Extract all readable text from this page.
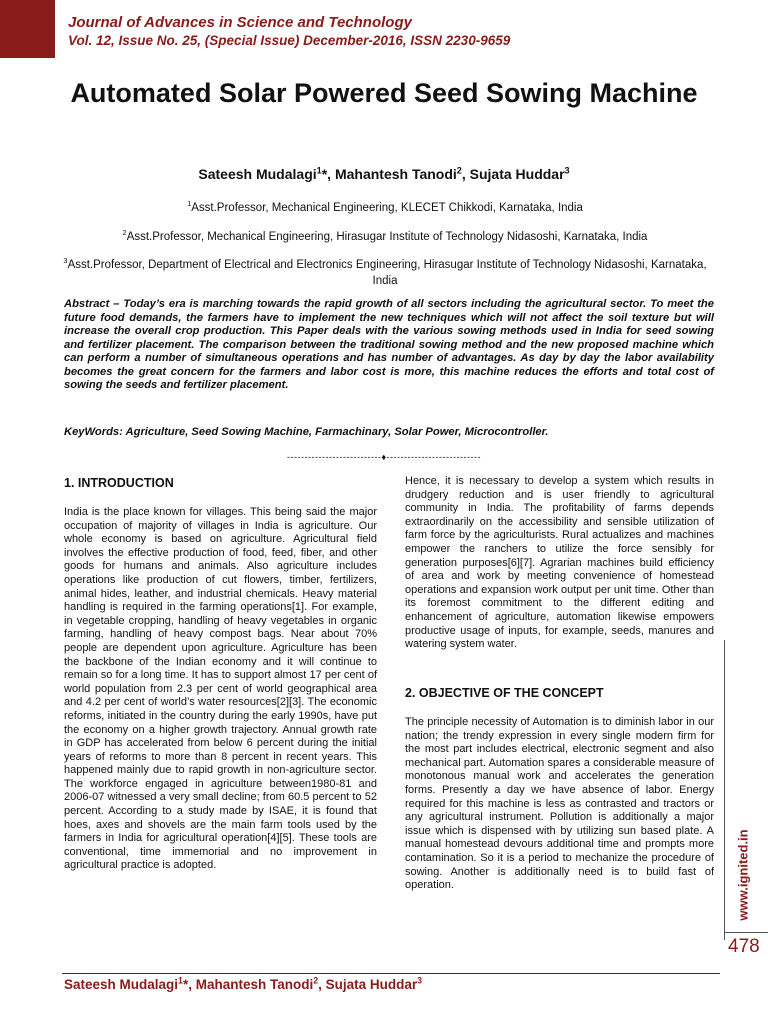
Journal of Advances in Science and Technology
Vol. 12, Issue No. 25, (Special Issue) December-2016, ISSN 2230-9659
Automated Solar Powered Seed Sowing Machine
Sateesh Mudalagi$^1$*, Mahantesh Tanodi$^2$, Sujata Huddar$^3$
$^1$Asst.Professor, Mechanical Engineering, KLECET Chikkodi, Karnataka, India
$^2$Asst.Professor, Mechanical Engineering, Hirasugar Institute of Technology Nidasoshi, Karnataka, India
$^3$Asst.Professor, Department of Electrical and Electronics Engineering, Hirasugar Institute of Technology Nidasoshi, Karnataka, India
Abstract – Today’s era is marching towards the rapid growth of all sectors including the agricultural sector. To meet the future food demands, the farmers have to implement the new techniques which will not affect the soil texture but will increase the overall crop production. This Paper deals with the various sowing methods used in India for seed sowing and fertilizer placement. The comparison between the traditional sowing method and the new proposed machine which can perform a number of simultaneous operations and has number of advantages. As day by day the labor availability becomes the great concern for the farmers and labor cost is more, this machine reduces the efforts and total cost of sowing the seeds and fertilizer placement.
KeyWords: Agriculture, Seed Sowing Machine, Farmachinary, Solar Power, Microcontroller.
---------------------------♦---------------------------
1. INTRODUCTION
India is the place known for villages. This being said the major occupation of majority of villages in India is agriculture. Our whole economy is based on agriculture. Agricultural field involves the effective production of food, feed, fiber, and other goods for humans and animals. Also agriculture includes operations like production of cut flowers, timber, fertilizers, animal hides, leather, and industrial chemicals. Heavy material handling is required in the farming operations[1]. For example, in vegetable cropping, handling of heavy vegetables in organic farming, handling of heavy compost bags. Near about 70% people are dependent upon agriculture. Agriculture has been the backbone of the Indian economy and it will continue to remain so for a long time. It has to support almost 17 per cent of world population from 2.3 per cent of world geographical area and 4.2 per cent of world’s water resources[2][3]. The economic reforms, initiated in the country during the early 1990s, have put the economy on a higher growth trajectory. Annual growth rate in GDP has accelerated from below 6 percent during the initial years of reforms to more than 8 percent in recent years. This happened mainly due to rapid growth in non-agriculture sector. The workforce engaged in agriculture between1980-81 and 2006-07 witnessed a very small decline; from 60.5 percent to 52 percent. According to a study made by ISAE, it is found that hoes, axes and shovels are the main farm tools used by the farmers in India for agricultural operation[4][5]. These tools are conventional, time immemorial and no improvement in agricultural practice is adopted.
Hence, it is necessary to develop a system which results in drudgery reduction and is user friendly to agricultural community in India. The profitability of farms depends extraordinarily on the accessibility and sensible utilization of farm force by the agriculturists. Rural actualizes and machines empower the ranchers to utilize the force sensibly for generation purposes[6][7]. Agrarian machines build efficiency of area and work by meeting convenience of homestead operations and expansion work output per unit time. Other than its foremost commitment to the different editing and enhancement of agriculture, automation likewise empowers productive usage of inputs, for example, seeds, manures and watering system water.
2. OBJECTIVE OF THE CONCEPT
The principle necessity of Automation is to diminish labor in our nation; the trendy expression in every single modern firm for the most part includes electrical, electronic segment and also mechanical part. Automation spares a considerable measure of monotonous manual work and accelerates the generation forms. Presently a day we have absence of labor. Energy required for this machine is less as contrasted and tractors or any agricultural instrument. Pollution is additionally a major issue which is dispensed with by utilizing sun based plate. A manual homestead devours additional time and prompts more contamination. So it is a period to mechanize the procedure of sowing. Another is additionally need is to build fast of operation.	www.ignited.in
478
Sateesh Mudalagi$^1$*, Mahantesh Tanodi$^2$, Sujata Huddar$^3$
